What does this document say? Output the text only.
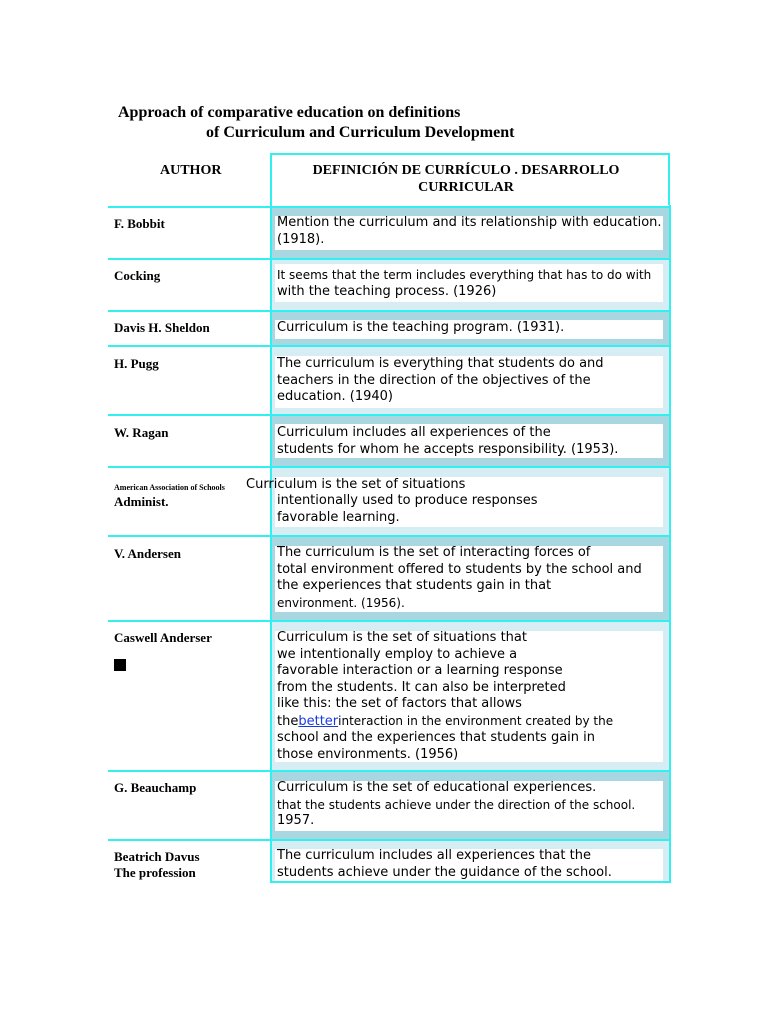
Approach of comparative education on definitions
of Curriculum and Curriculum Development
AUTHOR	DEFINICIÓN DE CURRÍCULO . DESARROLLO
CURRICULAR
F. Bobbit
Cocking
Davis H. Sheldon
H. Pugg
W. Ragan
American Association of Schools
Administ.
V. Andersen
Caswell Anderser
G. Beauchamp
Beatrich Davus
The profession
Mention the curriculum and its relationship with education.
(1918).
It seems that the term includes everything that has to do with
with the teaching process. (1926)
Curriculum is the teaching program. (1931).
The curriculum is everything that students do and
teachers in the direction of the objectives of the
education. (1940)
Curriculum includes all experiences of the
students for whom he accepts responsibility. (1953).
Curriculum is the set of situations
intentionally used to produce responses
favorable learning.
The curriculum is the set of interacting forces of
total environment offered to students by the school and
the experiences that students gain in that
environment. (1956).
Curriculum is the set of situations that
we intentionally employ to achieve a
favorable interaction or a learning response
from the students. It can also be interpreted
like this: the set of factors that allows
thebetterinteraction in the environment created by the
school and the experiences that students gain in
those environments. (1956)
Curriculum is the set of educational experiences.
that the students achieve under the direction of the school.
1957.
The curriculum includes all experiences that the
students achieve under the guidance of the school.
